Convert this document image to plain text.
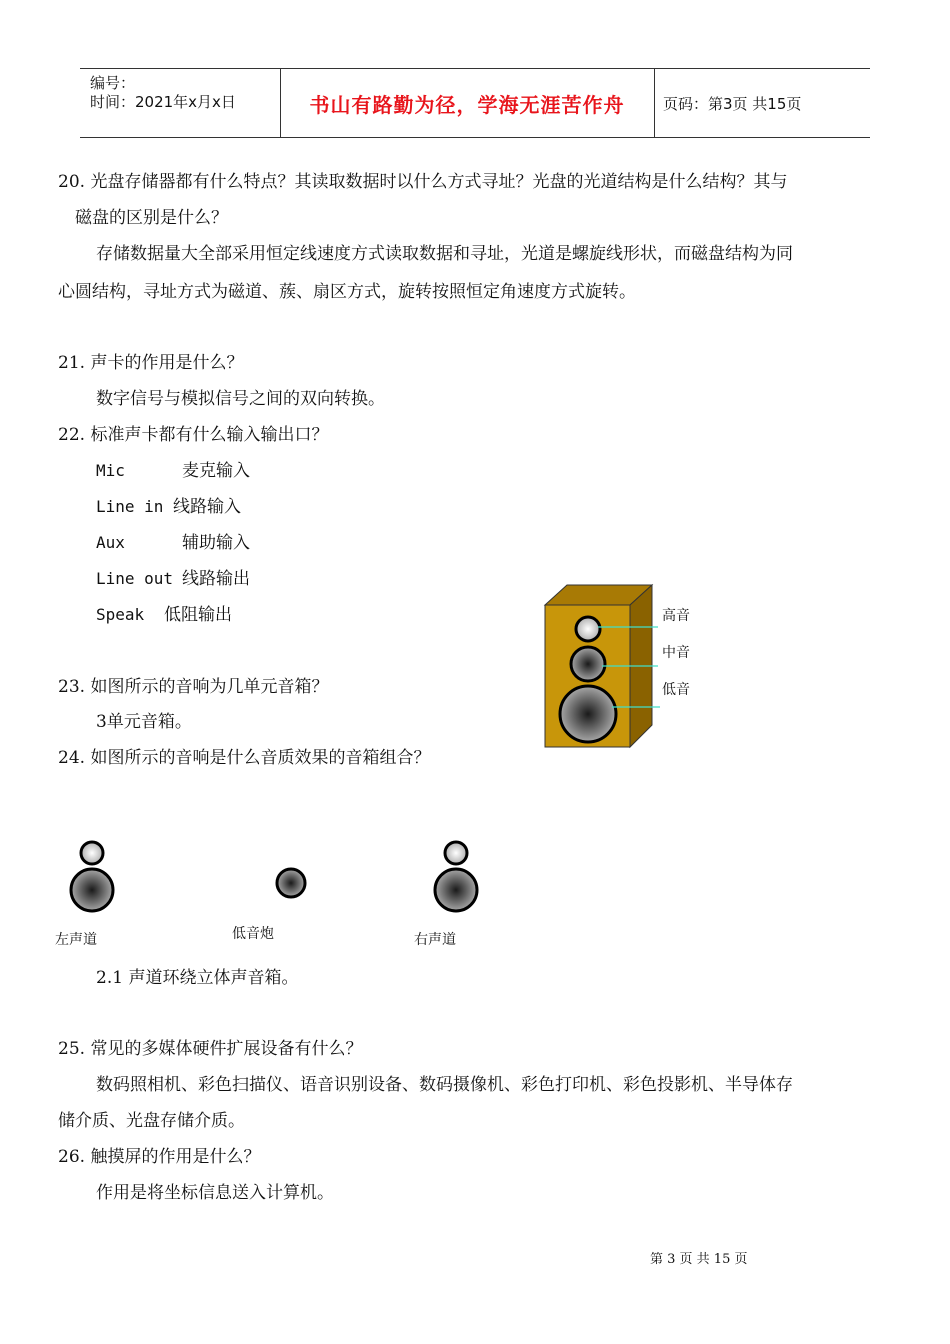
编号：
时间：2021年x月x日	书山有路勤为径，学海无涯苦作舟	页码：第3页 共15页
20. 光盘存储器都有什么特点？其读取数据时以什么方式寻址？光盘的光道结构是什么结构？其与
磁盘的区别是什么？
存储数据量大全部采用恒定线速度方式读取数据和寻址，光道是螺旋线形状，而磁盘结构为同
心圆结构，寻址方式为磁道、蔟、扇区方式，旋转按照恒定角速度方式旋转。
21. 声卡的作用是什么？
数字信号与模拟信号之间的双向转换。
22. 标准声卡都有什么输入输出口？
Mic	麦克输入
Line in 线路输入
Aux	辅助输入
Line out 线路输出
Speak 低阻输出	高音
中音
低音
23. 如图所示的音响为几单元音箱？
3单元音箱。
24. 如图所示的音响是什么音质效果的音箱组合？
左声道	低音炮	右声道
2.1 声道环绕立体声音箱。
25. 常见的多媒体硬件扩展设备有什么？
数码照相机、彩色扫描仪、语音识别设备、数码摄像机、彩色打印机、彩色投影机、半导体存
储介质、光盘存储介质。
26. 触摸屏的作用是什么？
作用是将坐标信息送入计算机。
第 3 页 共 15 页
